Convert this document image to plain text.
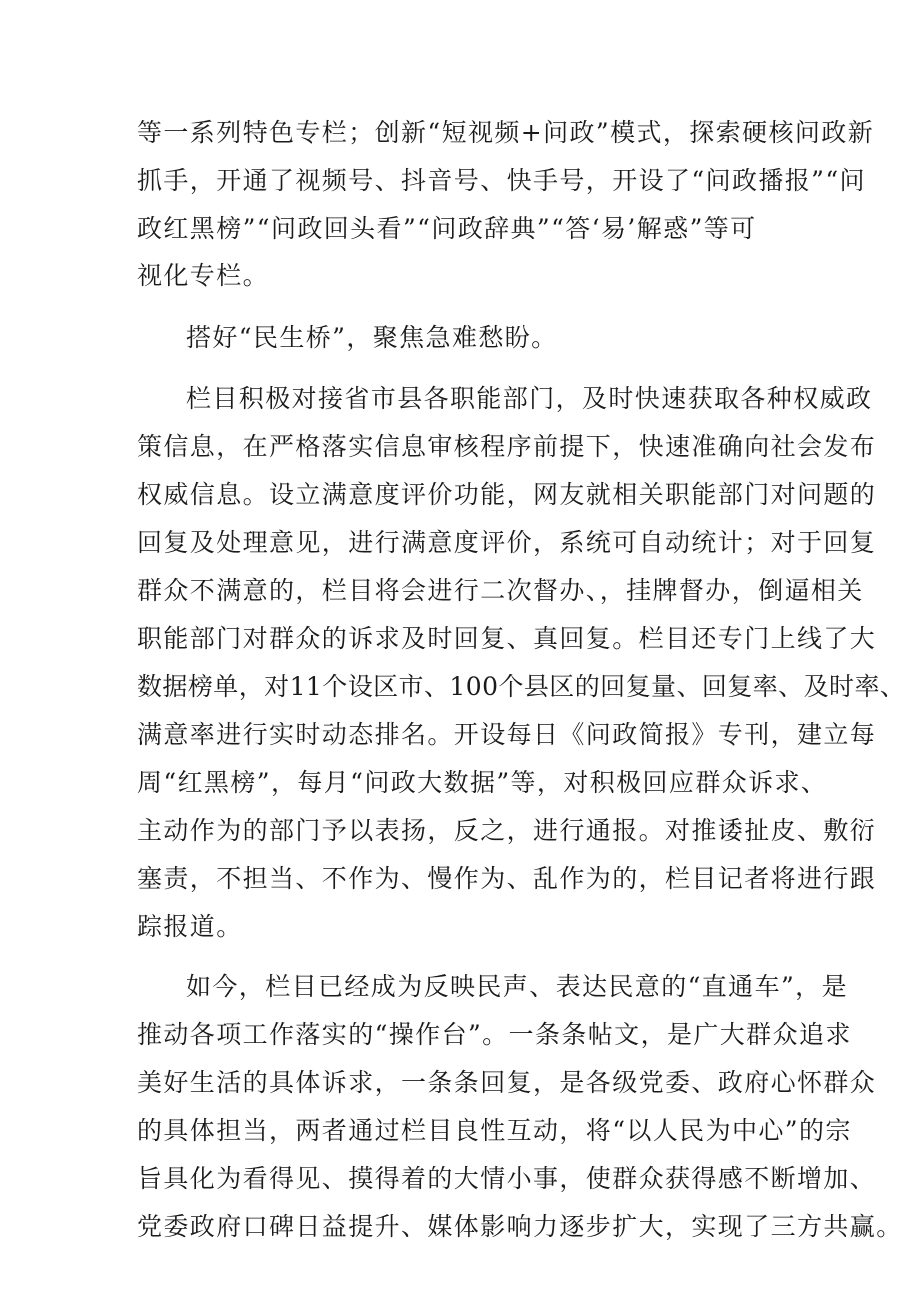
等一系列特色专栏；创新“短视频+问政”模式，探索硬核问政新
抓手，开通了视频号、抖音号、快手号，开设了“问政播报”“问
政红黑榜”“问政回头看”“问政辞典”“答‘易’解惑”等可
视化专栏。
搭好“民生桥”，聚焦急难愁盼。
栏目积极对接省市县各职能部门，及时快速获取各种权威政
策信息，在严格落实信息审核程序前提下，快速准确向社会发布
权威信息。设立满意度评价功能，网友就相关职能部门对问题的
回复及处理意见，进行满意度评价，系统可自动统计；对于回复
群众不满意的，栏目将会进行二次督办、，挂牌督办，倒逼相关
职能部门对群众的诉求及时回复、真回复。栏目还专门上线了大
数据榜单，对11个设区市、100个县区的回复量、回复率、及时率、
满意率进行实时动态排名。开设每日《问政简报》专刊，建立每
周“红黑榜”，每月“问政大数据”等，对积极回应群众诉求、
主动作为的部门予以表扬，反之，进行通报。对推诿扯皮、敷衍
塞责，不担当、不作为、慢作为、乱作为的，栏目记者将进行跟
踪报道。
如今，栏目已经成为反映民声、表达民意的“直通车”，是
推动各项工作落实的“操作台”。一条条帖文，是广大群众追求
美好生活的具体诉求，一条条回复，是各级党委、政府心怀群众
的具体担当，两者通过栏目良性互动，将“以人民为中心”的宗
旨具化为看得见、摸得着的大情小事，使群众获得感不断增加、
党委政府口碑日益提升、媒体影响力逐步扩大，实现了三方共赢。
